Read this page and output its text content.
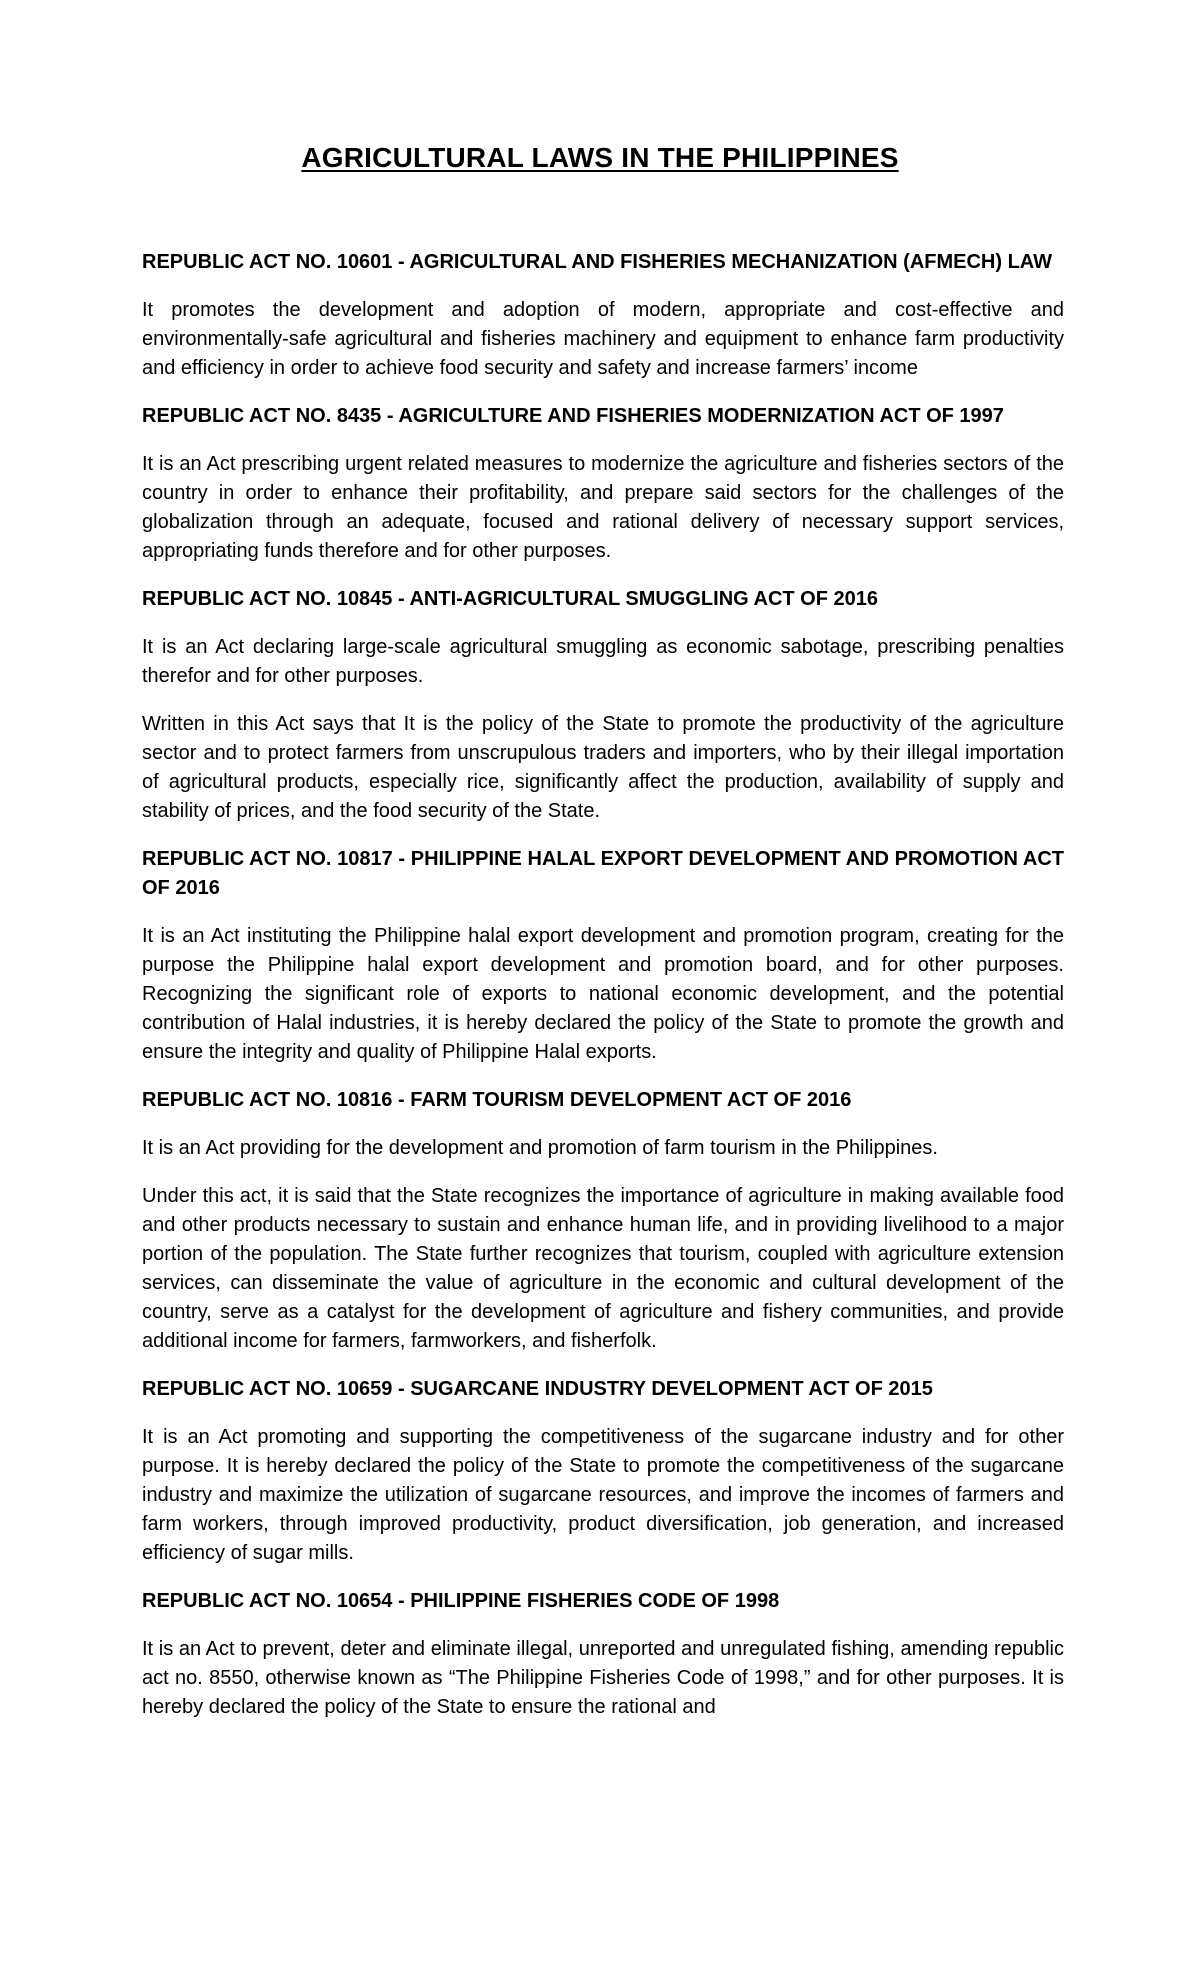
AGRICULTURAL LAWS IN THE PHILIPPINES
REPUBLIC ACT NO. 10601 - AGRICULTURAL AND FISHERIES MECHANIZATION (AFMECH) LAW

It promotes the development and adoption of modern, appropriate and cost-effective and environmentally-safe agricultural and fisheries machinery and equipment to enhance farm productivity and efficiency in order to achieve food security and safety and increase farmers’ income

REPUBLIC ACT NO. 8435 - AGRICULTURE AND FISHERIES MODERNIZATION ACT OF 1997

It is an Act prescribing urgent related measures to modernize the agriculture and fisheries sectors of the country in order to enhance their profitability, and prepare said sectors for the challenges of the globalization through an adequate, focused and rational delivery of necessary support services, appropriating funds therefore and for other purposes.

REPUBLIC ACT NO. 10845 - ANTI-AGRICULTURAL SMUGGLING ACT OF 2016

It is an Act declaring large-scale agricultural smuggling as economic sabotage, prescribing penalties therefor and for other purposes.

Written in this Act says that It is the policy of the State to promote the productivity of the agriculture sector and to protect farmers from unscrupulous traders and importers, who by their illegal importation of agricultural products, especially rice, significantly affect the production, availability of supply and stability of prices, and the food security of the State.

REPUBLIC ACT NO. 10817 - PHILIPPINE HALAL EXPORT DEVELOPMENT AND PROMOTION ACT OF 2016

It is an Act instituting the Philippine halal export development and promotion program, creating for the purpose the Philippine halal export development and promotion board, and for other purposes. Recognizing the significant role of exports to national economic development, and the potential contribution of Halal industries, it is hereby declared the policy of the State to promote the growth and ensure the integrity and quality of Philippine Halal exports.

REPUBLIC ACT NO. 10816 - FARM TOURISM DEVELOPMENT ACT OF 2016

It is an Act providing for the development and promotion of farm tourism in the Philippines.

Under this act, it is said that the State recognizes the importance of agriculture in making available food and other products necessary to sustain and enhance human life, and in providing livelihood to a major portion of the population. The State further recognizes that tourism, coupled with agriculture extension services, can disseminate the value of agriculture in the economic and cultural development of the country, serve as a catalyst for the development of agriculture and fishery communities, and provide additional income for farmers, farmworkers, and fisherfolk.

REPUBLIC ACT NO. 10659 - SUGARCANE INDUSTRY DEVELOPMENT ACT OF 2015

It is an Act promoting and supporting the competitiveness of the sugarcane industry and for other purpose. It is hereby declared the policy of the State to promote the competitiveness of the sugarcane industry and maximize the utilization of sugarcane resources, and improve the incomes of farmers and farm workers, through improved productivity, product diversification, job generation, and increased efficiency of sugar mills.

REPUBLIC ACT NO. 10654 - PHILIPPINE FISHERIES CODE OF 1998

It is an Act to prevent, deter and eliminate illegal, unreported and unregulated fishing, amending republic act no. 8550, otherwise known as “The Philippine Fisheries Code of 1998,” and for other purposes. It is hereby declared the policy of the State to ensure the rational and
